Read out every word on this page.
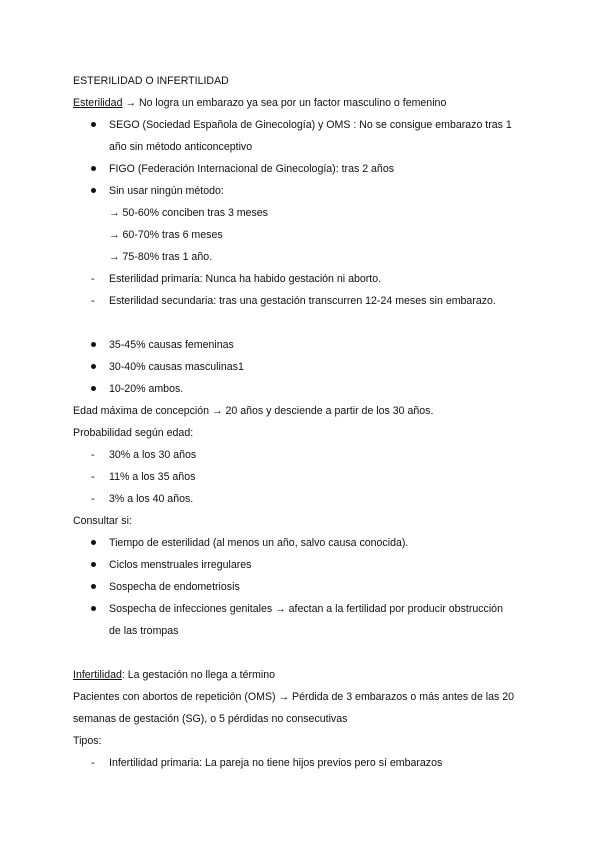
ESTERILIDAD O INFERTILIDAD
Esterilidad → No logra un embarazo ya sea por un factor masculino o femenino
SEGO (Sociedad Española de Ginecología) y OMS : No se consigue embarazo tras 1
año sin método anticonceptivo
FIGO (Federación Internacional de Ginecología): tras 2 años
Sin usar ningún método:
→ 50-60% conciben tras 3 meses
→ 60-70% tras 6 meses
→ 75-80% tras 1 año.
- Esterilidad primaria: Nunca ha habido gestación ni aborto.
- Esterilidad secundaria: tras una gestación transcurren 12-24 meses sin embarazo.
35-45% causas femeninas
30-40% causas masculinas1
10-20% ambos.
Edad máxima de concepción → 20 años y desciende a partir de los 30 años.
Probabilidad según edad:
- 30% a los 30 años
- 11% a los 35 años
- 3% a los 40 años.
Consultar si:
Tiempo de esterilidad (al menos un año, salvo causa conocida).
Ciclos menstruales irregulares
Sospecha de endometriosis
Sospecha de infecciones genitales → afectan a la fertilidad por producir obstrucción
de las trompas
Infertilidad: La gestación no llega a término
Pacientes con abortos de repetición (OMS) → Pérdida de 3 embarazos o más antes de las 20
semanas de gestación (SG), o 5 pérdidas no consecutivas
Tipos:
- Infertilidad primaria: La pareja no tiene hijos previos pero sí embarazos
